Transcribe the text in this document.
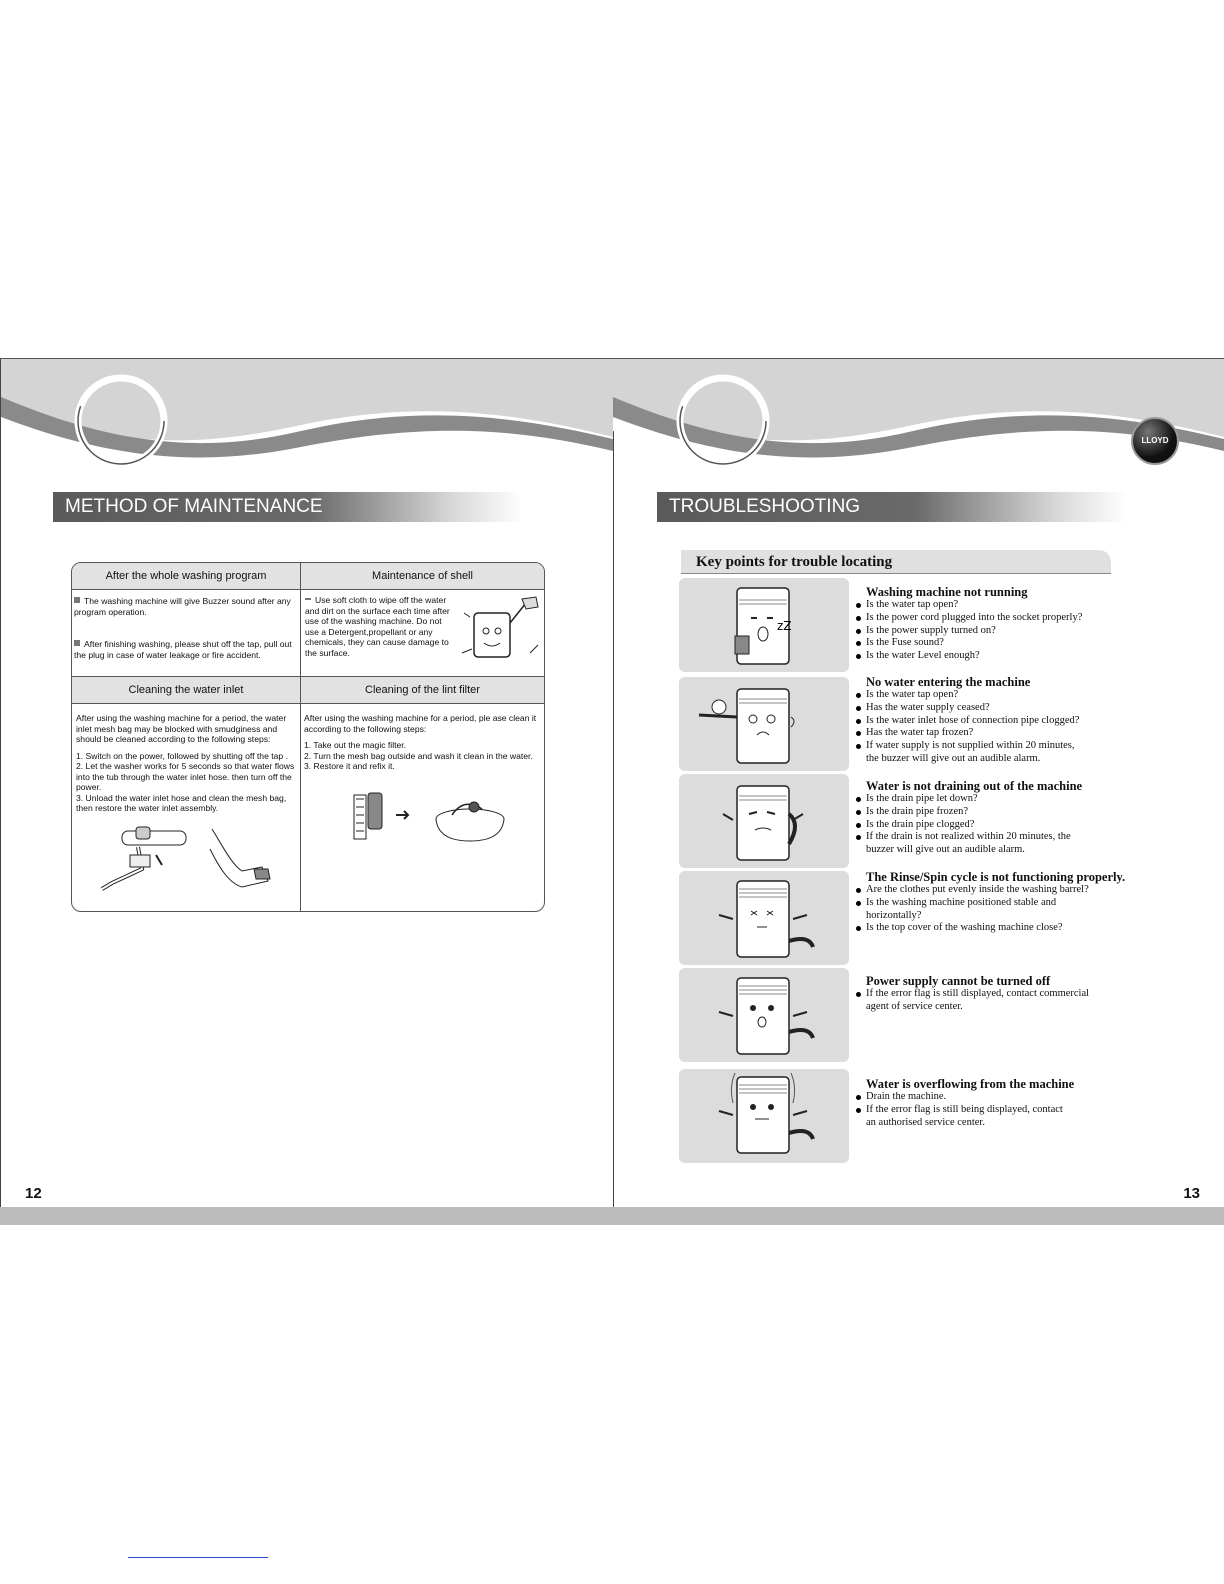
METHOD OF MAINTENANCE
After the whole washing program	Maintenance of shell

The washing machine will give Buzzer sound after any program operation.

After finishing washing, please shut off the tap, pull out the plug in case of water leakage or fire accident.

Use soft cloth to wipe off the water and dirt on the surface each time after use of the washing machine. Do not use a Detergent,propellant or any chemicals, they can cause damage to the surface.

Cleaning the water inlet	Cleaning of the lint filter

After using the washing machine for a period, the water inlet mesh bag may be blocked with smudginess and should be cleaned according to the following steps:

1. Switch on the power, followed by shutting off the tap .

2. Let the washer works for 5 seconds so that water flows into the tub through the water inlet hose. then turn off the power.

3. Unload the water inlet hose and clean the mesh bag, then restore the water inlet assembly.

After using the washing machine for a period, ple ase clean it according to the following steps:

1. Take out the magic filter.

2. Turn the mesh bag outside and wash it clean in the water.

3. Restore it and refix it.

12
LLOYD
TROUBLESHOOTING
Key points for trouble locating
zZ
Washing machine not running
Is the water tap open?
Is the power cord plugged into the socket properly?
Is the power supply turned on?
Is the Fuse sound?
Is the water Level enough?
No water entering the machine
Is the water tap open?
Has the water supply ceased?
Is the water inlet hose of connection pipe clogged?
Has the water tap frozen?
If water supply is not supplied within 20 minutes,
the buzzer will give out an audible alarm.
Water is not draining out of the machine
Is the drain pipe let down?
Is the drain pipe frozen?
Is the drain pipe clogged?
If the drain is not realized within 20 minutes, the
buzzer will give out an audible alarm.
The Rinse/Spin cycle is not functioning properly.
Are the clothes put evenly inside the washing barrel?
Is the washing machine positioned stable and
horizontally?
Is the top cover of the washing machine close?
Power supply cannot be turned off
If the error flag is still displayed, contact commercial
agent of service center.
Water is overflowing from the machine
Drain the machine.
If the error flag is still being displayed, contact
an authorised service center.
13
